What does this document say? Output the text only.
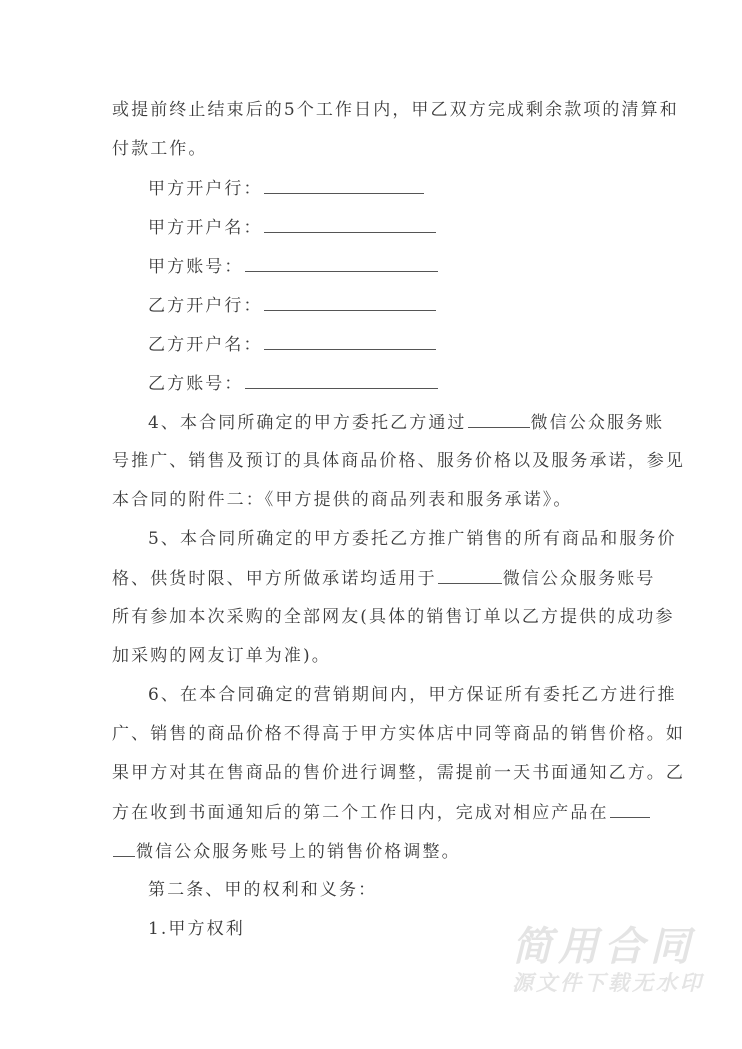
或提前终止结束后的5个工作日内，甲乙双方完成剩余款项的清算和
付款工作。
甲方开户行：
甲方开户名：
甲方账号：
乙方开户行：
乙方开户名：
乙方账号：
4、本合同所确定的甲方委托乙方通过	微信公众服务账
号推广、销售及预订的具体商品价格、服务价格以及服务承诺，参见
本合同的附件二：《甲方提供的商品列表和服务承诺》。
5、本合同所确定的甲方委托乙方推广销售的所有商品和服务价
格、供货时限、甲方所做承诺均适用于	微信公众服务账号
所有参加本次采购的全部网友(具体的销售订单以乙方提供的成功参
加采购的网友订单为准)。
6、在本合同确定的营销期间内，甲方保证所有委托乙方进行推
广、销售的商品价格不得高于甲方实体店中同等商品的销售价格。如
果甲方对其在售商品的售价进行调整，需提前一天书面通知乙方。乙
方在收到书面通知后的第二个工作日内，完成对相应产品在
微信公众服务账号上的销售价格调整。
第二条、甲的权利和义务：
1.甲方权利	简用合同
源文件下载无水印
